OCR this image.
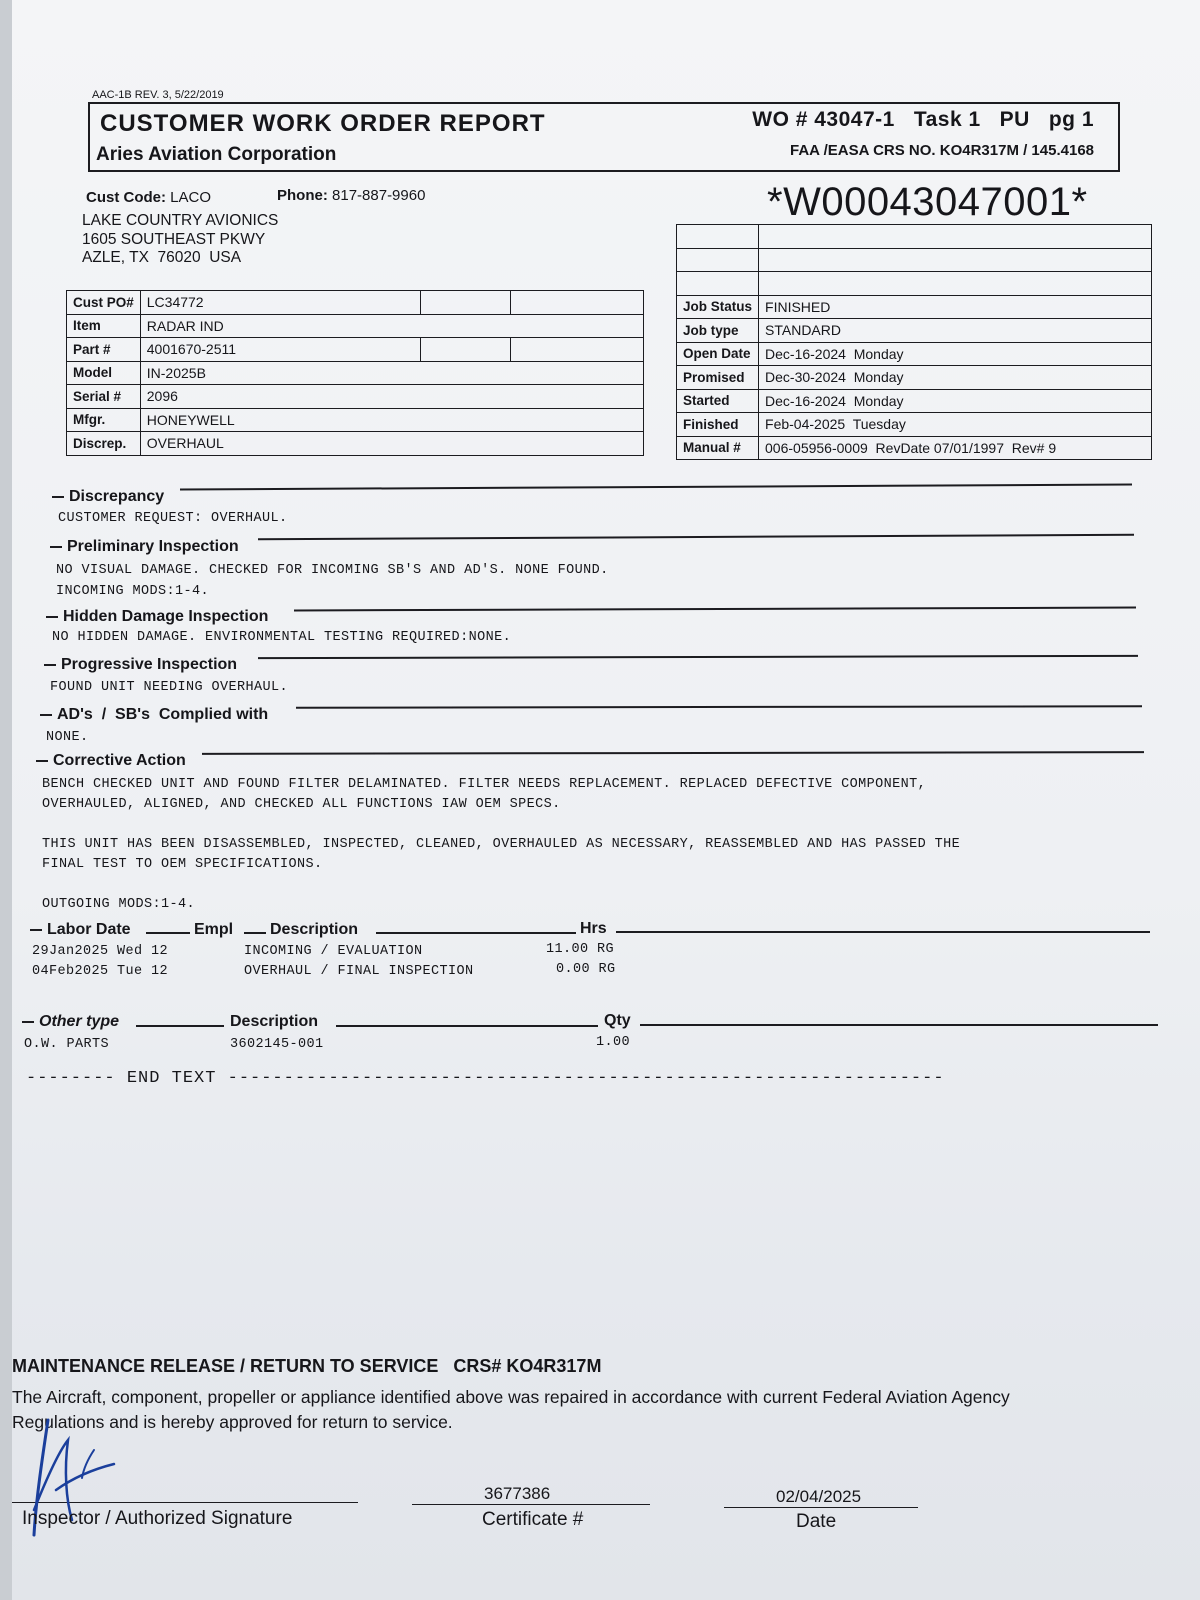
AAC-1B REV. 3, 5/22/2019
CUSTOMER WORK ORDER REPORT
Aries Aviation Corporation
WO # 43047-1   Task 1   PU   pg 1
FAA /EASA CRS NO. KO4R317M / 145.4168
Cust Code: LACO	Phone: 817-887-9960
LAKE COUNTRY AVIONICS
1605 SOUTHEAST PKWY
AZLE, TX  76020  USA
*W00043047001*
Cust PO#	LC34772		
Item	RADAR IND		
Part #	4001670-2511		
Model	IN-2025B		
Serial #	2096		
Mfgr.	HONEYWELL		
Discrep.	OVERHAUL		

Job Status	FINISHED
Job type	STANDARD
Open Date	Dec-16-2024  Monday
Promised	Dec-30-2024  Monday
Started	Dec-16-2024  Monday
Finished	Feb-04-2025  Tuesday
Manual #	006-05956-0009  RevDate 07/01/1997  Rev# 9
Discrepancy
CUSTOMER REQUEST: OVERHAUL.
Preliminary Inspection
NO VISUAL DAMAGE. CHECKED FOR INCOMING SB'S AND AD'S. NONE FOUND.
INCOMING MODS:1-4.
Hidden Damage Inspection
NO HIDDEN DAMAGE. ENVIRONMENTAL TESTING REQUIRED:NONE.
Progressive Inspection
FOUND UNIT NEEDING OVERHAUL.
AD's  /  SB's  Complied with
NONE.
Corrective Action
BENCH CHECKED UNIT AND FOUND FILTER DELAMINATED. FILTER NEEDS REPLACEMENT. REPLACED DEFECTIVE COMPONENT,
OVERHAULED, ALIGNED, AND CHECKED ALL FUNCTIONS IAW OEM SPECS.

THIS UNIT HAS BEEN DISASSEMBLED, INSPECTED, CLEANED, OVERHAULED AS NECESSARY, REASSEMBLED AND HAS PASSED THE
FINAL TEST TO OEM SPECIFICATIONS.

OUTGOING MODS:1-4.
Labor Date	Empl Description	Hrs
29Jan2025 Wed 12	INCOMING / EVALUATION	11.00 RG
04Feb2025 Tue 12	OVERHAUL / FINAL INSPECTION	0.00 RG
Other type	Description	Qty
O.W. PARTS	3602145-001	1.00
-------- END TEXT ----------------------------------------------------------------
MAINTENANCE RELEASE / RETURN TO SERVICE   CRS# KO4R317M
The Aircraft, component, propeller or appliance identified above was repaired in accordance with current Federal Aviation Agency Regulations and is hereby approved for return to service.
Inspector / Authorized Signature
3677386
Certificate #
02/04/2025
Date
